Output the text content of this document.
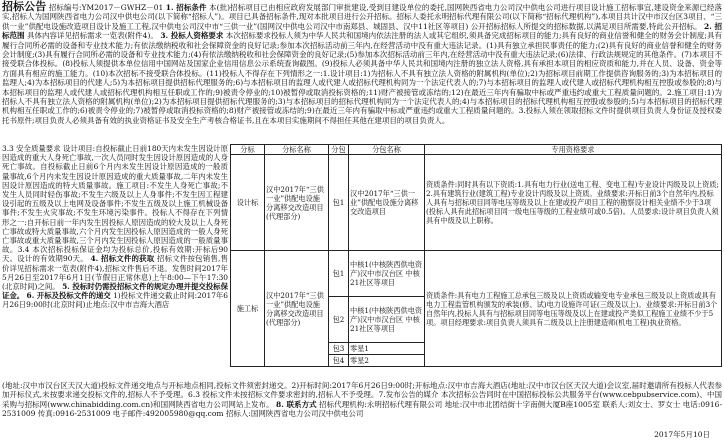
招标公告 招标编号:YM2017－GWHZ－01 1. 招标条件 本(批)招标项目已由相应政府发展部门审批建设,受到目建设单位的委托,国网陕西省电力公司汉中供电公司进行项目设计施工招标事宜,建设资金来源已经落实,招标人为国网陕西省电力公司汉中供电公司(以下简称“招标人”)。项目已具备招标条件,现对本批项目进行公开招标。招标人委托永明招标代理有限公司(以下简称“招标代理机构”),本项目共计汉中市汉台区3项目、“三供一业”供配电设施改造项目设计及施工工程,汉中供电公司汉中市“三供一业”(国网汉中供电公司汉中市南郑县、城固县、汉中11社区等项目) 公开招标招标人所提交的招标数据,以满足项目所需要,特此公开招标。 2. 招标范围 具体内容详见招标需求一览表(附件4)。 3. 投标人资格要求 本次招标要求投标人须为中华人民共和国境内依法注册的法人或其它组织,须具备完成招标项目的能力;具有良好的商业信誉和健全的财务会计制度;具有履行合同所必需的设备和专业技术能力;有依法缴纳税收和社会保障资金的良好记录;参加本次招标活动前三年内,在经营活动中没有重大违法记录。(1)具有独立承担民事责任的能力;(2)具有良好的商业信誉和健全的财务会计制度;(3)具有履行合同所必需的设备和专业技术能力;(4)有依法缴纳税收和社会保障资金的良好记录;(5)参加本次招标活动前三年内,在经营活动中没有重大违法记录;(6)法律、行政法规规定的其他条件。(7)本项目不接受联合体投标。(8)投标人须提供本单位信用中国网站及国家企业信用信息公示系统查询截图。(9)投标人必须具备中华人民共和国境内注册的独立法人资格,具有承担本项目的相应资质和能力,并在人员、设备、资金等方面具有相应的施工能力。(10)本次招标不接受联合体投标。(11)投标人不得存在下列情形之一:1.设计项目:1)为招标人不具有独立法人资格的附属机构(单位);2)为招标项目前期工作提供咨询服务的;3)为本招标项目的监理人;4)为本招标项目的代建人;5)为本招标项目提供招标代理服务的;6)与本招标项目的监理人或代建人或招标代理机构同为一个法定代表人的;7)与本招标项目的监理人或代建人或招标代理机构相互控股或参股的;8)与本招标项目的监理人或代建人或招标代理机构相互任职或工作的;9)被责令停业的;10)被暂停或取消投标资格的;11)财产被接管或冻结的;12)在最近三年内有骗取中标或严重违约或重大工程质量问题的。2.施工项目:1)为招标人不具有独立法人资格的附属机构(单位);2)为本招标项目提供招标代理服务的;3)与本招标项目的招标代理机构同为一个法定代表人的;4)与本招标项目的招标代理机构相互控股或参股的;5)与本招标项目的招标代理机构相互任职或工作的;6)被责令停业的;7)被暂停或取消投标资格的;8)财产被接管或冻结的;9)在最近三年内有骗取中标或严重违约或重大工程质量问题的。3.投标人须在领取招标文件时提供项目负责人身份证及授权委托书原件;项目负责人必须具备有效的执业资格证书及安全生产考核合格证书,且在本项目实施期间不得担任其他在建项目的项目负责人。
3.3 安全质量要求 设计项目:自投标截止日前180天内未发生因设计原因造成的重大人身死亡事故,一次人员同时发生因设计原因造成的人身死亡事故。自投标截止日前6个月内未发生因设计原因造成的一般质量事故,6个月内未发生因设计原因造成的重大质量事故,二年内未发生因设计原因造成的特大质量事故。施工项目:不发生人身死亡事故;不发生人员同时轻伤事故;不发生六级及以上人身事件;不发生因工程建设引起的五级及以上电网及设备事件;不发生五级及以上施工机械设备事件;不发生火灾事故;不发生环境污染事件。投标人不得存在下列情形之一:自开标日前一年内发生因投标人原因造成的较大及以上人身死亡事故或特大质量事故,六个月内发生因投标人原因造成的一般人身死亡事故或重大质量事故,三个月内发生因投标人原因造成的一般质量事故。3.4 本次招标投标保证金均为投标总价,投标有效期:开标后90天。设计的有效期90天。 4. 招标文件的获取 招标文件按包销售,售价详见招标需求一览表(附件4),招标文件售后不退。发售时间2017年5月26日至2017年6月1日(节假日正常休息)上午8:00—下午17:30(北京时间)之间。 5. 投标时仍需投招标文件的规定办理并提交投标保证金。 6. 开标及投标文件的递交 1)投标文件递交截止时间:2017年6月26日9:00时(北京时间)止地点:汉中市吉海大酒店
分标	分标名称	分包	分包名称	专用资格要求
设计标	汉中2017年“三供一业”供配电设施分离移交改造项目(代理部分)	包1	汉中2017年“三供一业”供配电设施分离移交改造项目	资质条件:同时具有以下资质:1.具有电力行业(送电工程、变电工程)专业设计丙级及以上资质;2.具有建筑行业(建筑工程)专业设计丙级及以上资质。业绩要求:开标日前3个自然年内,投标人具有与招标项目同等电压等级及以上在建或投产项目工程的勘察设计相关业绩不少于3项(投标人具有此招标项目同一级电压等级的工程业绩可或0.5倍)。人员要求:设计项目负责人须具有中级及以上职称。
施工标	汉中2017年“三供一业”供配电设施分离移交改造项目(代理部分)	包1	中核1(中核陕西供电资产)汉中市汉台区 中核21社区等项目	资质条件:具有电力工程施工总承包三级及以上资质或输变电专业承包三级及以上资质或具有电力工程监管机构颁发的承装(修、试)电力设施许可证(三级及以上)。业绩要求:开标日前3个自然年内,投标人具有与招标项目同等电压等级及以上在建或投产类似工程施工业绩不少于5项。项目经理要求:项目负责人须具有二级及以上注册建造师(机电工程)执业资格。
		包2	中核1(中核陕西供电资产)汉中市汉台区 中核21社区等项目	
		包3	零星1	
		包4	零星2	
(地址:汉中市汉台区天汉大道)投标文件递交地点与开标地点相同,投标文件须密封递交。2)开标时间:2017年6月26日9:00时;开标地点:汉中市吉海大酒店(地址:汉中市汉台区天汉大道)会议室,届时邀请所有投标人代表参加开标仪式,未按要求递交投标文件的,招标人不予受理。6.3 投标文件未按招标文件要求密封的,招标人不予受理。7.发布公告的媒介 本次招标公告同时在中国招标投标公共服务平台(www.cebpubservice.com)、中国采购与招标网(www.chinabidding.com.cn)和国网陕西省电力公司网站上发布。 8. 联系方式 招标代理机构:永明招标代理有限公司 地址:汉中市北团结街十字南侧大厦B座1005室 联系人:刘女士、罗女士 电话:0916-2531009 传真:0916-2531009 电子邮件:492005980@qq.com 招标人:国网陕西省电力公司汉中供电公司
2017年5月10日
